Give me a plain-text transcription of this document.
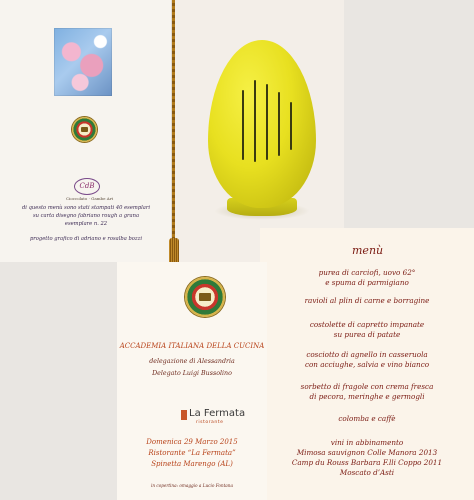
CdB
Cioccolato · Gambe Art
di questo menù sono stati stampati 40 esemplari
su carta disegno fabriano rough a grana
esemplare n. 22
progetto grafico di adriano e rosalba bozzi
menù
purea di carciofi, uovo 62°
e spuma di parmigiano
ravioli al plin di carne e borragine
costolette di capretto impanate
su purea di patate
cosciotto di agnello in casseruola
con acciughe, salvia e vino bianco
sorbetto di fragole con crema fresca
di pecora, meringhe e germogli
colomba e caffè
vini in abbinamento
Mimosa sauvignon Colle Manora 2013
Camp du Rouss Barbara F.lli Coppo 2011
Moscato d’Asti
ACCADEMIA ITALIANA DELLA CUCINA
delegazione di Alessandria
Delegato Luigi Bussolino
La Fermata
ristorante
Domenica 29 Marzo 2015
Ristorante “La Fermata”
Spinetta Marengo (AL)
in copertina: omaggio a Lucio Fontana
